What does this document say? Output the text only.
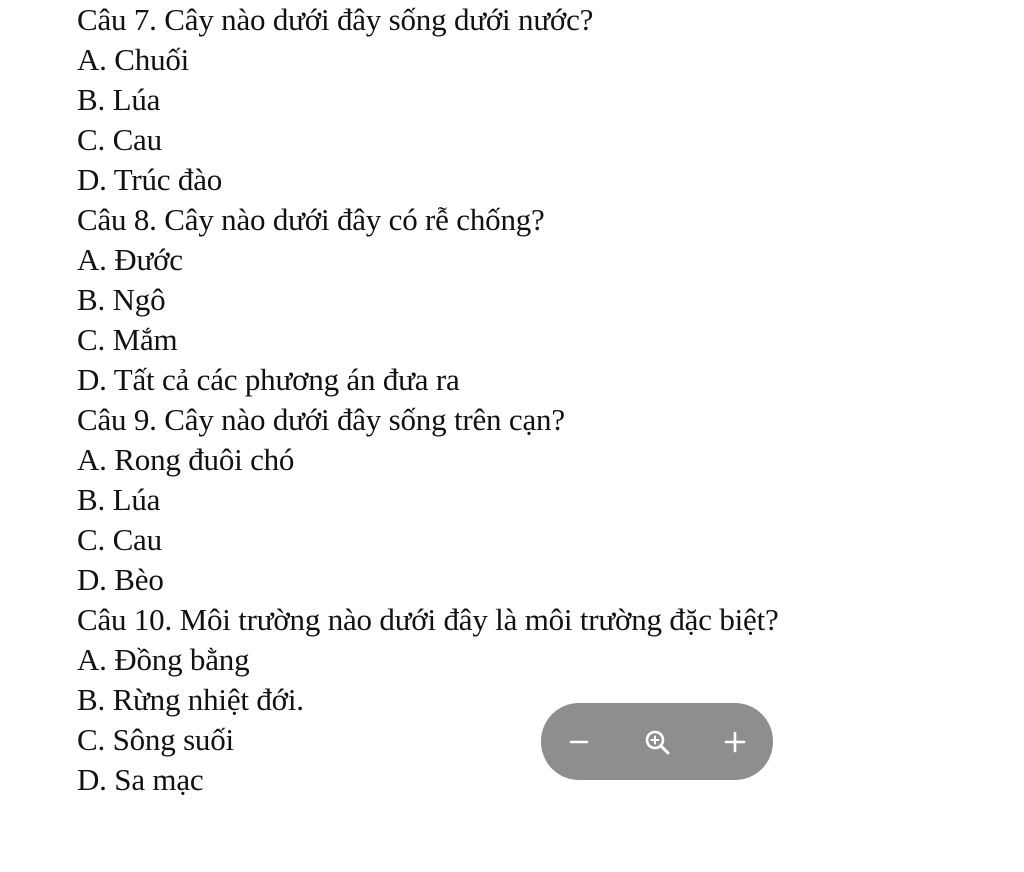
Câu 7. Cây nào dưới đây sống dưới nước?
A. Chuối
B. Lúa
C. Cau
D. Trúc đào
Câu 8. Cây nào dưới đây có rễ chống?
A. Đước
B. Ngô
C. Mắm
D. Tất cả các phương án đưa ra
Câu 9. Cây nào dưới đây sống trên cạn?
A. Rong đuôi chó
B. Lúa
C. Cau
D. Bèo
Câu 10. Môi trường nào dưới đây là môi trường đặc biệt?
A. Đồng bằng
B. Rừng nhiệt đới.
C. Sông suối
D. Sa mạc
